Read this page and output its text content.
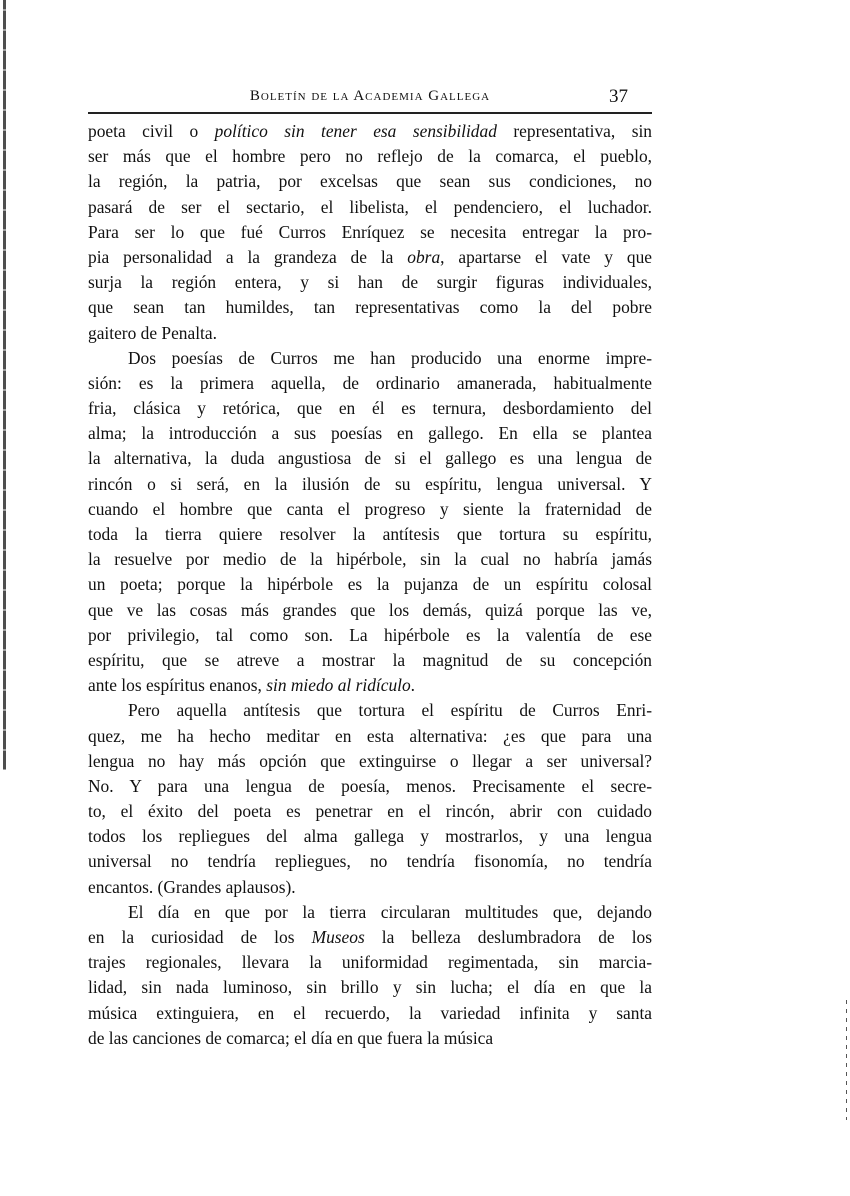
Boletín de la Academia Gallega	37
poeta civil o político sin tener esa sensibilidad representativa, sin
ser más que el hombre pero no reflejo de la comarca, el pueblo,
la región, la patria, por excelsas que sean sus condiciones, no
pasará de ser el sectario, el libelista, el pendenciero, el luchador.
Para ser lo que fué Curros Enríquez se necesita entregar la pro-
pia personalidad a la grandeza de la obra, apartarse el vate y que
surja la región entera, y si han de surgir figuras individuales,
que sean tan humildes, tan representativas como la del pobre
gaitero de Penalta.
Dos poesías de Curros me han producido una enorme impre-
sión: es la primera aquella, de ordinario amanerada, habitualmente
fria, clásica y retórica, que en él es ternura, desbordamiento del
alma; la introducción a sus poesías en gallego. En ella se plantea
la alternativa, la duda angustiosa de si el gallego es una lengua de
rincón o si será, en la ilusión de su espíritu, lengua universal. Y
cuando el hombre que canta el progreso y siente la fraternidad de
toda la tierra quiere resolver la antítesis que tortura su espíritu,
la resuelve por medio de la hipérbole, sin la cual no habría jamás
un poeta; porque la hipérbole es la pujanza de un espíritu colosal
que ve las cosas más grandes que los demás, quizá porque las ve,
por privilegio, tal como son. La hipérbole es la valentía de ese
espíritu, que se atreve a mostrar la magnitud de su concepción
ante los espíritus enanos, sin miedo al ridículo.
Pero aquella antítesis que tortura el espíritu de Curros Enri-
quez, me ha hecho meditar en esta alternativa: ¿es que para una
lengua no hay más opción que extinguirse o llegar a ser universal?
No. Y para una lengua de poesía, menos. Precisamente el secre-
to, el éxito del poeta es penetrar en el rincón, abrir con cuidado
todos los repliegues del alma gallega y mostrarlos, y una lengua
universal no tendría repliegues, no tendría fisonomía, no tendría
encantos. (Grandes aplausos).
El día en que por la tierra circularan multitudes que, dejando
en la curiosidad de los Museos la belleza deslumbradora de los
trajes regionales, llevara la uniformidad regimentada, sin marcia-
lidad, sin nada luminoso, sin brillo y sin lucha; el día en que la
música extinguiera, en el recuerdo, la variedad infinita y santa
de las canciones de comarca; el día en que fuera la música
